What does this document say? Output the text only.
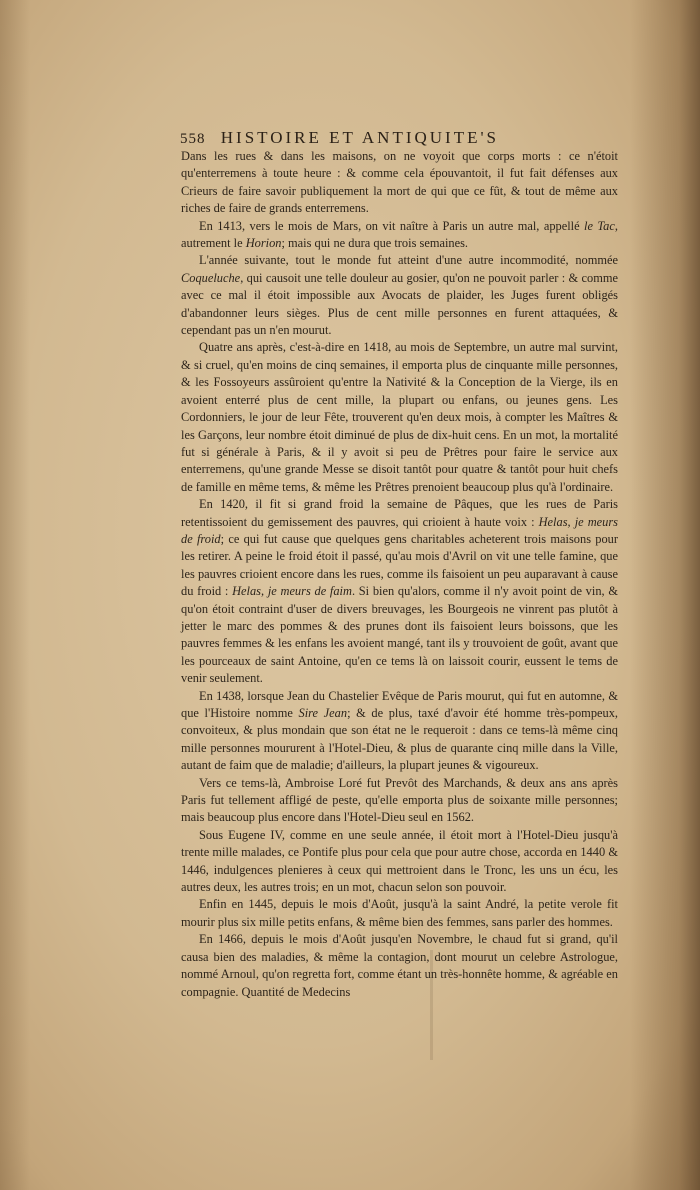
558 HISTOIRE ET ANTIQUITE'S

Dans les rues & dans les maisons, on ne voyoit que corps morts : ce n'étoit qu'enterremens à toute heure : & comme cela épouvantoit, il fut fait défenses aux Crieurs de faire savoir publiquement la mort de qui que ce fût, & tout de même aux riches de faire de grands enterremens.

En 1413, vers le mois de Mars, on vit naître à Paris un autre mal, appellé le Tac, autrement le Horion; mais qui ne dura que trois semaines.

L'année suivante, tout le monde fut atteint d'une autre incommodité, nommée Coqueluche, qui causoit une telle douleur au gosier, qu'on ne pouvoit parler : & comme avec ce mal il étoit impossible aux Avocats de plaider, les Juges furent obligés d'abandonner leurs sièges. Plus de cent mille personnes en furent attaquées, & cependant pas un n'en mourut.

Quatre ans après, c'est-à-dire en 1418, au mois de Septembre, un autre mal survint, & si cruel, qu'en moins de cinq semaines, il emporta plus de cinquante mille personnes, & les Fossoyeurs assûroient qu'entre la Nativité & la Conception de la Vierge, ils en avoient enterré plus de cent mille, la plupart ou enfans, ou jeunes gens. Les Cordonniers, le jour de leur Fête, trouverent qu'en deux mois, à compter les Maîtres & les Garçons, leur nombre étoit diminué de plus de dix-huit cens. En un mot, la mortalité fut si générale à Paris, & il y avoit si peu de Prêtres pour faire le service aux enterremens, qu'une grande Messe se disoit tantôt pour quatre & tantôt pour huit chefs de famille en même tems, & même les Prêtres prenoient beaucoup plus qu'à l'ordinaire.

En 1420, il fit si grand froid la semaine de Pâques, que les rues de Paris retentissoient du gemissement des pauvres, qui crioient à haute voix : Helas, je meurs de froid; ce qui fut cause que quelques gens charitables acheterent trois maisons pour les retirer. A peine le froid étoit il passé, qu'au mois d'Avril on vit une telle famine, que les pauvres crioient encore dans les rues, comme ils faisoient un peu auparavant à cause du froid : Helas, je meurs de faim. Si bien qu'alors, comme il n'y avoit point de vin, & qu'on étoit contraint d'user de divers breuvages, les Bourgeois ne vinrent pas plutôt à jetter le marc des pommes & des prunes dont ils faisoient leurs boissons, que les pauvres femmes & les enfans les avoient mangé, tant ils y trouvoient de goût, avant que les pourceaux de saint Antoine, qu'en ce tems là on laissoit courir, eussent le tems de venir seulement.

En 1438, lorsque Jean du Chastelier Evêque de Paris mourut, qui fut en automne, & que l'Histoire nomme Sire Jean; & de plus, taxé d'avoir été homme très-pompeux, convoiteux, & plus mondain que son état ne le requeroit : dans ce tems-là même cinq mille personnes moururent à l'Hotel-Dieu, & plus de quarante cinq mille dans la Ville, autant de faim que de maladie; d'ailleurs, la plupart jeunes & vigoureux.

Vers ce tems-là, Ambroise Loré fut Prevôt des Marchands, & deux ans ans après Paris fut tellement affligé de peste, qu'elle emporta plus de soixante mille personnes; mais beaucoup plus encore dans l'Hotel-Dieu seul en 1562.

Sous Eugene IV, comme en une seule année, il étoit mort à l'Hotel-Dieu jusqu'à trente mille malades, ce Pontife plus pour cela que pour autre chose, accorda en 1440 & 1446, indulgences plenieres à ceux qui mettroient dans le Tronc, les uns un écu, les autres deux, les autres trois; en un mot, chacun selon son pouvoir.

Enfin en 1445, depuis le mois d'Août, jusqu'à la saint André, la petite verole fit mourir plus six mille petits enfans, & même bien des femmes, sans parler des hommes.

En 1466, depuis le mois d'Août jusqu'en Novembre, le chaud fut si grand, qu'il causa bien des maladies, & même la contagion, dont mourut un celebre Astrologue, nommé Arnoul, qu'on regretta fort, comme étant un très-honnête homme, & agréable en compagnie. Quantité de Medecins
